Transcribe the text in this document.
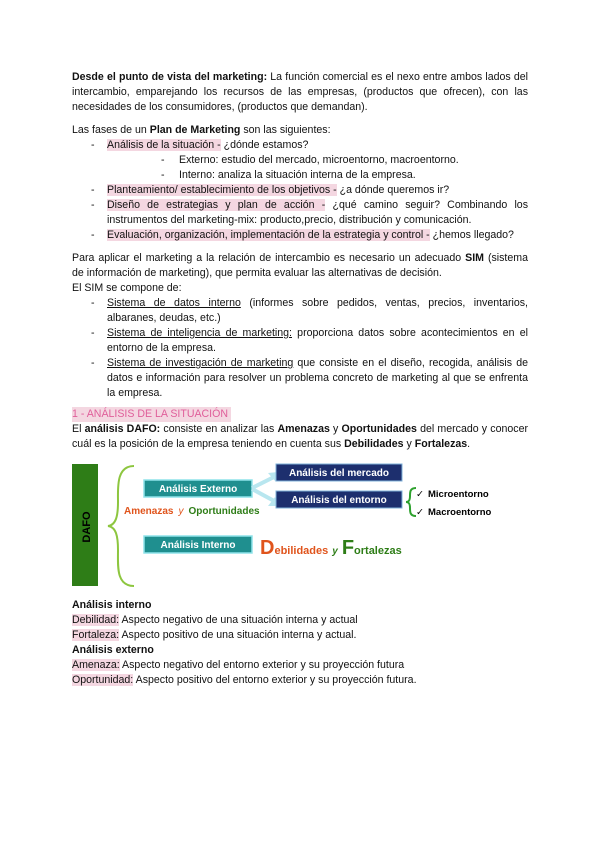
Desde el punto de vista del marketing: La función comercial es el nexo entre ambos lados del intercambio, emparejando los recursos de las empresas, (productos que ofrecen), con las necesidades de los consumidores, (productos que demandan).

Las fases de un Plan de Marketing son las siguientes:

- Análisis de la situación - ¿dónde estamos?
- Externo: estudio del mercado, microentorno, macroentorno.
- Interno: analiza la situación interna de la empresa.
- Planteamiento/ establecimiento de los objetivos - ¿a dónde queremos ir?
- Diseño de estrategias y plan de acción - ¿qué camino seguir? Combinando los instrumentos del marketing-mix: producto,precio, distribución y comunicación.
- Evaluación, organización, implementación de la estrategia y control - ¿hemos llegado?

Para aplicar el marketing a la relación de intercambio es necesario un adecuado SIM (sistema de información de marketing), que permita evaluar las alternativas de decisión.

El SIM se compone de:

- Sistema de datos interno (informes sobre pedidos, ventas, precios, inventarios, albaranes, deudas, etc.)
- Sistema de inteligencia de marketing: proporciona datos sobre acontecimientos en el entorno de la empresa.
- Sistema de investigación de marketing que consiste en el diseño, recogida, análisis de datos e información para resolver un problema concreto de marketing al que se enfrenta la empresa.
1 - ANÁLISIS DE LA SITUACIÓN

El análisis DAFO: consiste en analizar las Amenazas y Oportunidades del mercado y conocer cuál es la posición de la empresa teniendo en cuenta sus Debilidades y Fortalezas.

DAFO
Análisis Externo
Análisis del mercado
Análisis del entorno
✓ Microentorno
✓ Macroentorno
Amenazas y Oportunidades
Análisis Interno Debilidades y Fortalezas

Análisis interno

Debilidad: Aspecto negativo de una situación interna y actual

Fortaleza: Aspecto positivo de una situación interna y actual.

Análisis externo

Amenaza: Aspecto negativo del entorno exterior y su proyección futura

Oportunidad: Aspecto positivo del entorno exterior y su proyección futura.
